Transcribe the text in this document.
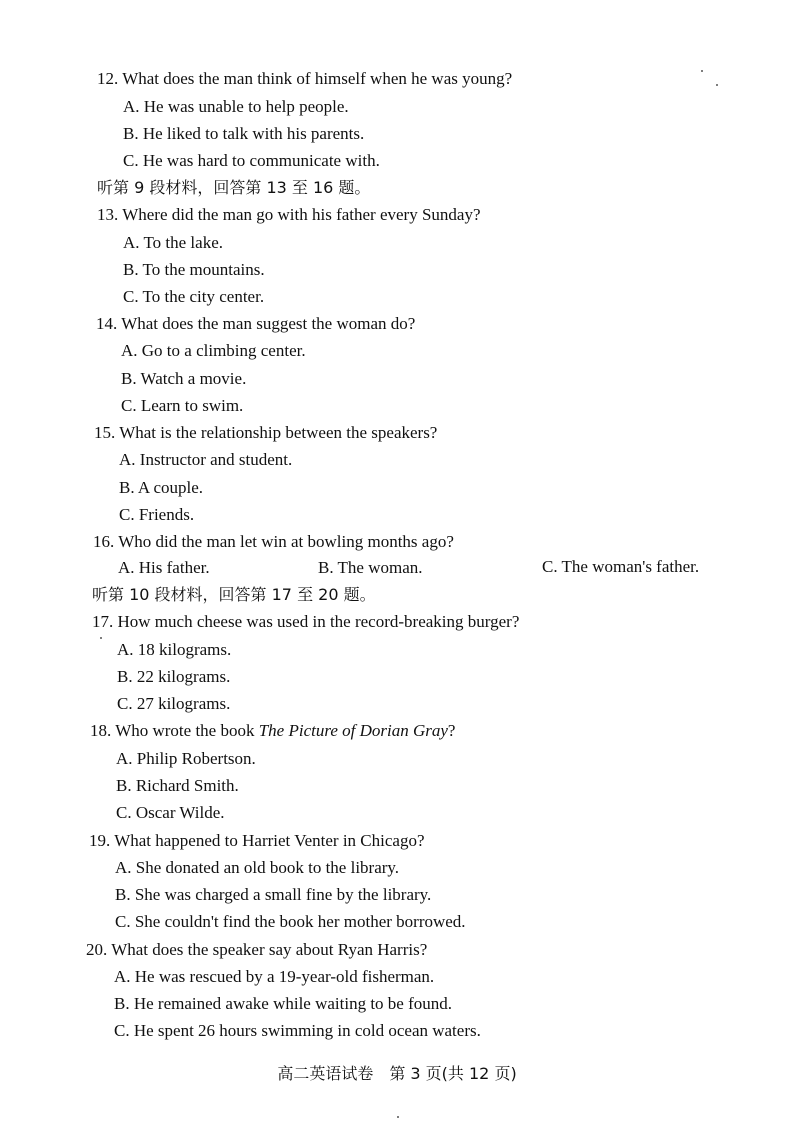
12. What does the man think of himself when he was young?
A. He was unable to help people.
B. He liked to talk with his parents.
C. He was hard to communicate with.
听第 9 段材料，回答第 13 至 16 题。
13. Where did the man go with his father every Sunday?
A. To the lake.
B. To the mountains.
C. To the city center.
14. What does the man suggest the woman do?
A. Go to a climbing center.
B. Watch a movie.
C. Learn to swim.
15. What is the relationship between the speakers?
A. Instructor and student.
B. A couple.
C. Friends.
16. Who did the man let win at bowling months ago?
A. His father.	B. The woman.	C. The woman's father.
听第 10 段材料，回答第 17 至 20 题。
17. How much cheese was used in the record-breaking burger?
A. 18 kilograms.
B. 22 kilograms.
C. 27 kilograms.
18. Who wrote the book The Picture of Dorian Gray?
A. Philip Robertson.
B. Richard Smith.
C. Oscar Wilde.
19. What happened to Harriet Venter in Chicago?
A. She donated an old book to the library.
B. She was charged a small fine by the library.
C. She couldn't find the book her mother borrowed.
20. What does the speaker say about Ryan Harris?
A. He was rescued by a 19-year-old fisherman.
B. He remained awake while waiting to be found.
C. He spent 26 hours swimming in cold ocean waters.
高二英语试卷　第 3 页(共 12 页)
